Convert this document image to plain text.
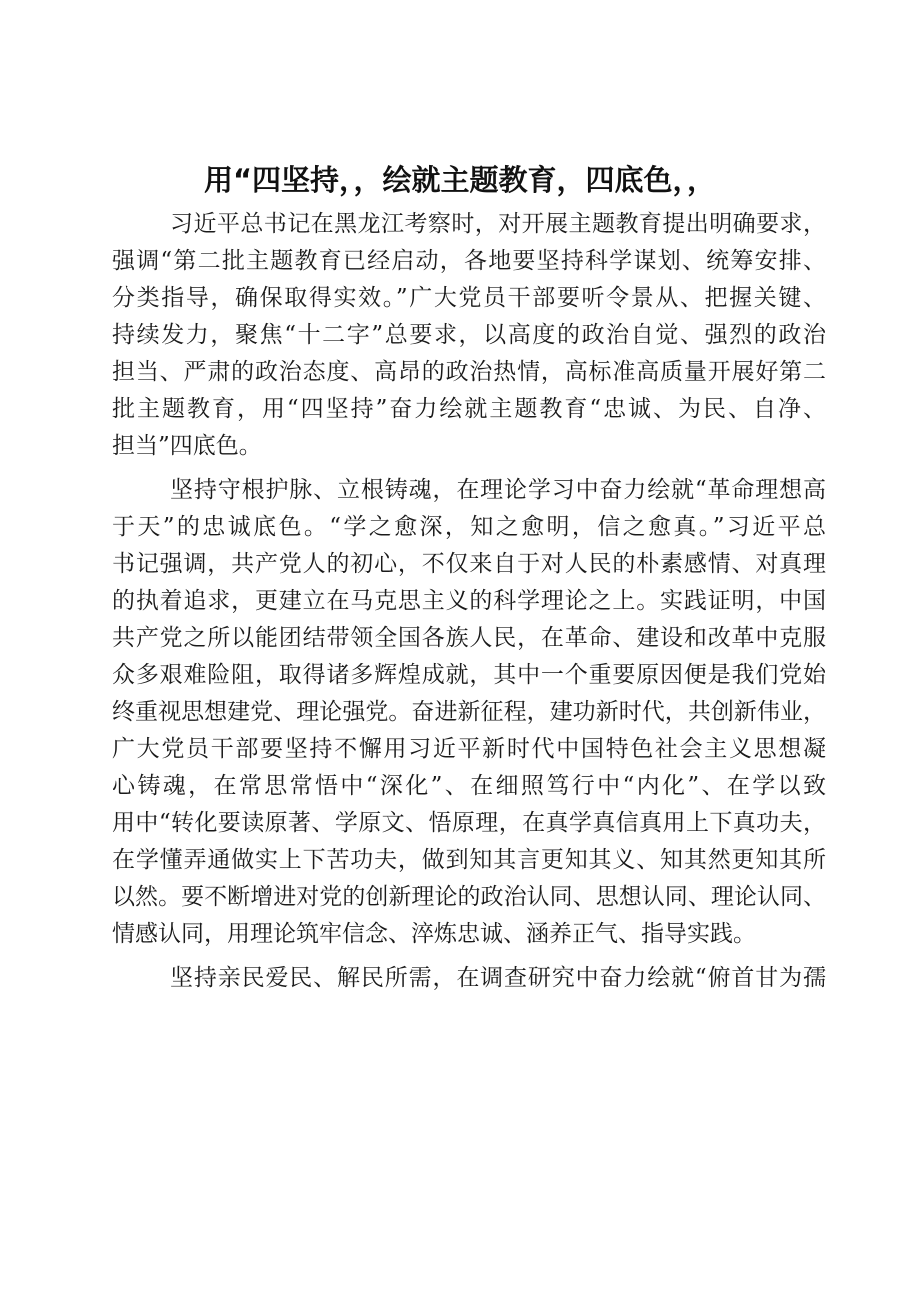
用“四坚持，，绘就主题教育，四底色，，

习近平总书记在黑龙江考察时，对开展主题教育提出明确要求，
强调“第二批主题教育已经启动，各地要坚持科学谋划、统筹安排、
分类指导，确保取得实效。”广大党员干部要听令景从、把握关键、
持续发力，聚焦“十二字”总要求，以高度的政治自觉、强烈的政治
担当、严肃的政治态度、高昂的政治热情，高标准高质量开展好第二
批主题教育，用“四坚持”奋力绘就主题教育“忠诚、为民、自净、
担当”四底色。

坚持守根护脉、立根铸魂，在理论学习中奋力绘就“革命理想高
于天”的忠诚底色。“学之愈深，知之愈明，信之愈真。”习近平总
书记强调，共产党人的初心，不仅来自于对人民的朴素感情、对真理
的执着追求，更建立在马克思主义的科学理论之上。实践证明，中国
共产党之所以能团结带领全国各族人民，在革命、建设和改革中克服
众多艰难险阻，取得诸多辉煌成就，其中一个重要原因便是我们党始
终重视思想建党、理论强党。奋进新征程，建功新时代，共创新伟业，
广大党员干部要坚持不懈用习近平新时代中国特色社会主义思想凝
心铸魂，在常思常悟中“深化”、在细照笃行中“内化”、在学以致
用中“转化要读原著、学原文、悟原理，在真学真信真用上下真功夫，
在学懂弄通做实上下苦功夫，做到知其言更知其义、知其然更知其所
以然。要不断增进对党的创新理论的政治认同、思想认同、理论认同、
情感认同，用理论筑牢信念、淬炼忠诚、涵养正气、指导实践。

坚持亲民爱民、解民所需，在调查研究中奋力绘就“俯首甘为孺
